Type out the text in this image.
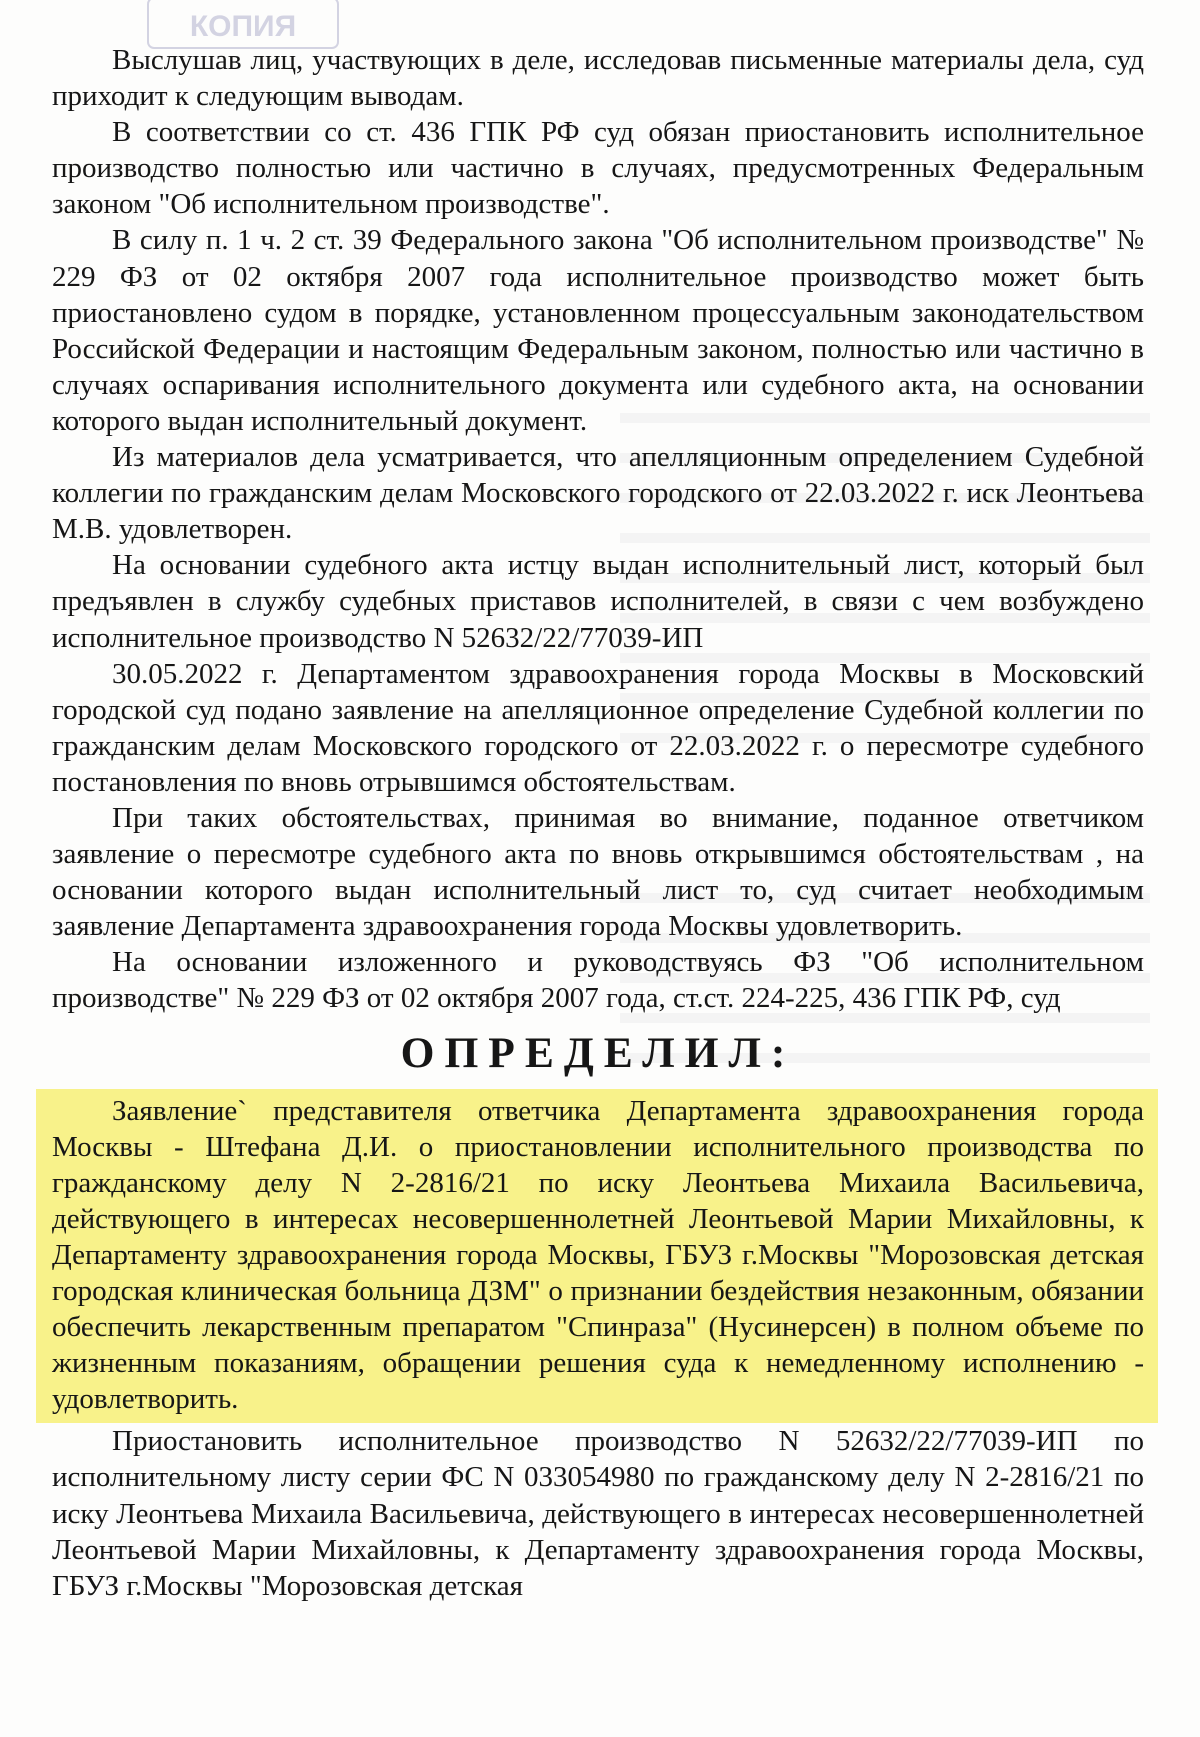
КОПИЯ

Выслушав лиц, участвующих в деле, исследовав письменные материалы дела, суд приходит к следующим выводам.

В соответствии со ст. 436 ГПК РФ суд обязан приостановить исполнительное производство полностью или частично в случаях, предусмотренных Федеральным законом "Об исполнительном производстве".

В силу п. 1 ч. 2 ст. 39 Федерального закона "Об исполнительном производстве" № 229 ФЗ от 02 октября 2007 года исполнительное производство может быть приостановлено судом в порядке, установленном процессуальным законодательством Российской Федерации и настоящим Федеральным законом, полностью или частично в случаях оспаривания исполнительного документа или судебного акта, на основании которого выдан исполнительный документ.

Из материалов дела усматривается, что апелляционным определением Судебной коллегии по гражданским делам Московского городского от 22.03.2022 г. иск Леонтьева М.В. удовлетворен.

На основании судебного акта истцу выдан исполнительный лист, который был предъявлен в службу судебных приставов исполнителей, в связи с чем возбуждено исполнительное производство N 52632/22/77039-ИП

30.05.2022 г. Департаментом здравоохранения города Москвы в Московский городской суд подано заявление на апелляционное определение Судебной коллегии по гражданским делам Московского городского от 22.03.2022 г. о пересмотре судебного постановления по вновь отрывшимся обстоятельствам.

При таких обстоятельствах, принимая во внимание, поданное ответчиком заявление о пересмотре судебного акта по вновь открывшимся обстоятельствам , на основании которого выдан исполнительный лист то, суд считает необходимым заявление Департамента здравоохранения города Москвы удовлетворить.

На основании изложенного и руководствуясь ФЗ "Об исполнительном производстве" № 229 ФЗ от 02 октября 2007 года, ст.ст. 224-225, 436 ГПК РФ, суд

ОПРЕДЕЛИЛ:

Заявление` представителя ответчика Департамента здравоохранения города Москвы - Штефана Д.И. о приостановлении исполнительного производства по гражданскому делу N 2-2816/21 по иску Леонтьева Михаила Васильевича, действующего в интересах несовершеннолетней Леонтьевой Марии Михайловны, к Департаменту здравоохранения города Москвы, ГБУЗ г.Москвы "Морозовская детская городская клиническая больница ДЗМ" о признании бездействия незаконным, обязании обеспечить лекарственным препаратом "Спинраза" (Нусинерсен) в полном объеме по жизненным показаниям, обращении решения суда к немедленному исполнению - удовлетворить.

Приостановить исполнительное производство N 52632/22/77039-ИП по исполнительному листу серии ФС N 033054980 по гражданскому делу N 2-2816/21 по иску Леонтьева Михаила Васильевича, действующего в интересах несовершеннолетней Леонтьевой Марии Михайловны, к Департаменту здравоохранения города Москвы, ГБУЗ г.Москвы "Морозовская детская
